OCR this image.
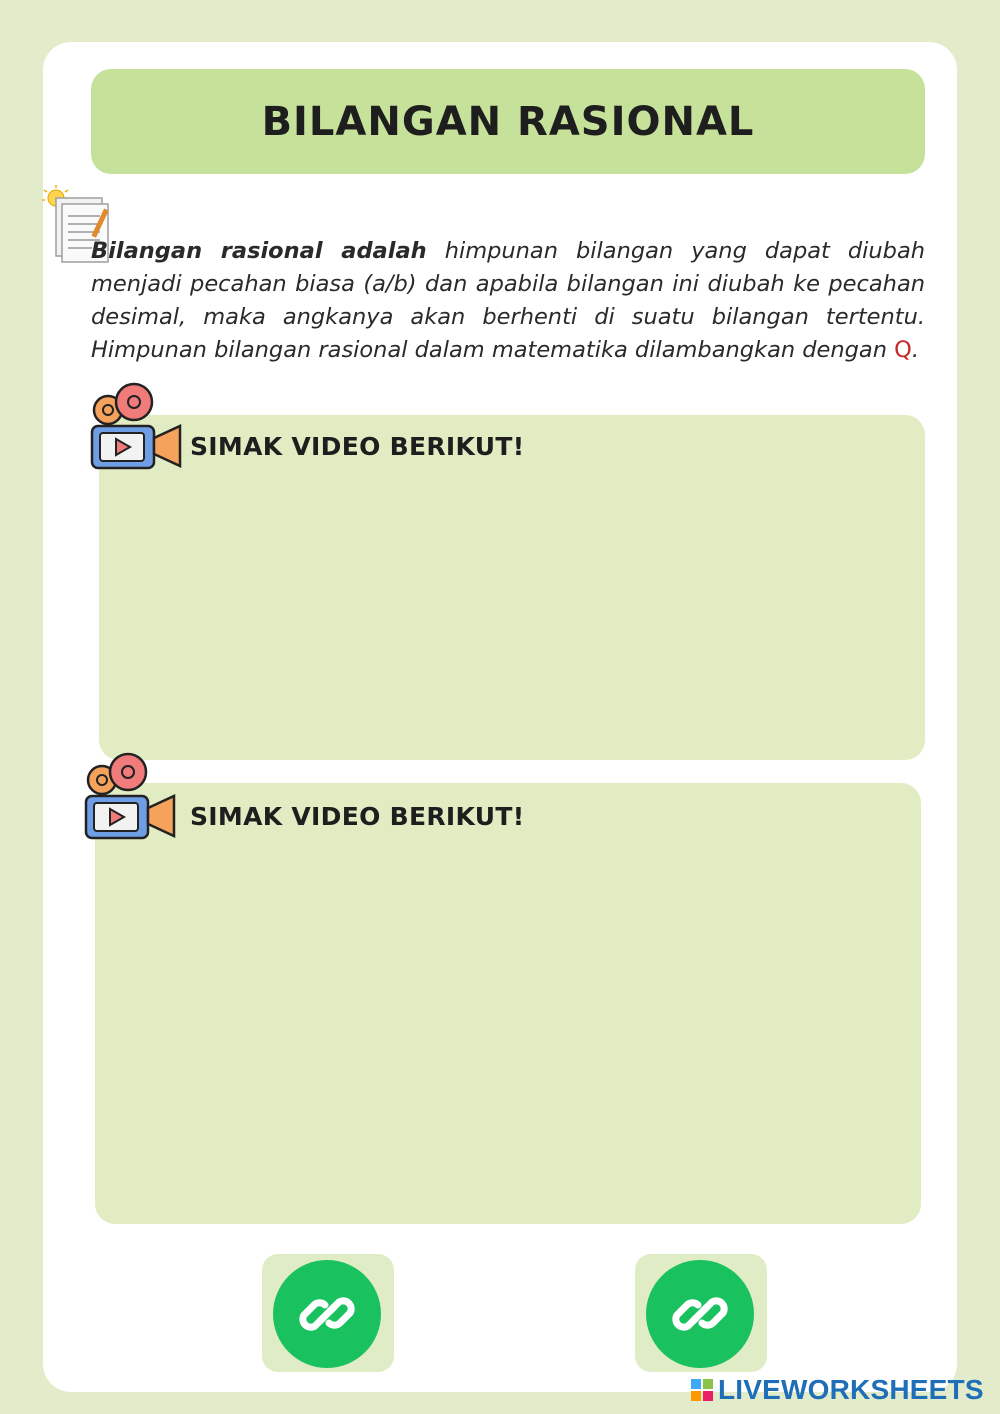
BILANGAN RASIONAL

Bilangan rasional adalah himpunan bilangan yang dapat diubah menjadi pecahan biasa (a/b) dan apabila bilangan ini diubah ke pecahan desimal, maka angkanya akan berhenti di suatu bilangan tertentu. Himpunan bilangan rasional dalam matematika dilambangkan dengan Q.

SIMAK VIDEO BERIKUT!
SIMAK VIDEO BERIKUT!
LIVEWORKSHEETS
